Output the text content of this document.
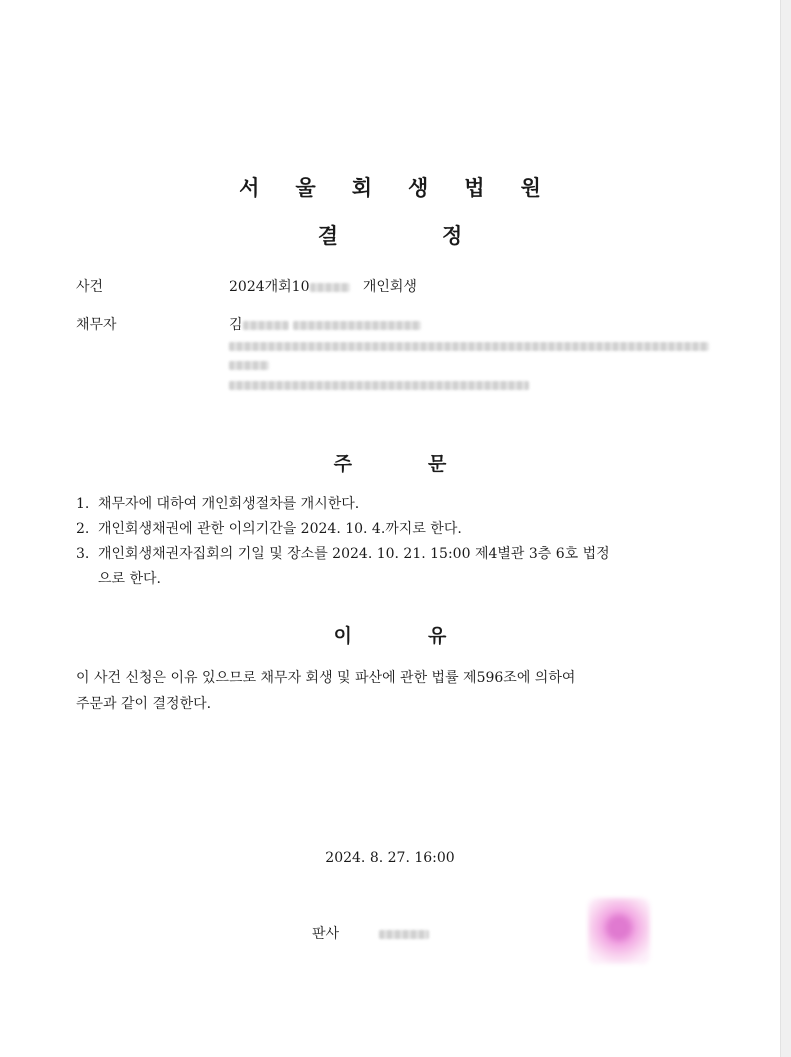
서 울 회 생 법 원
결	정
사건	2024개회10	개인회생
채무자	김
주	문
1. 채무자에 대하여 개인회생절차를 개시한다.
2. 개인회생채권에 관한 이의기간을 2024. 10. 4.까지로 한다.
3. 개인회생채권자집회의 기일 및 장소를 2024. 10. 21. 15:00 제4별관 3층 6호 법정
으로 한다.
이	유
이 사건 신청은 이유 있으므로 채무자 회생 및 파산에 관한 법률 제596조에 의하여
주문과 같이 결정한다.
2024. 8. 27. 16:00
판사
